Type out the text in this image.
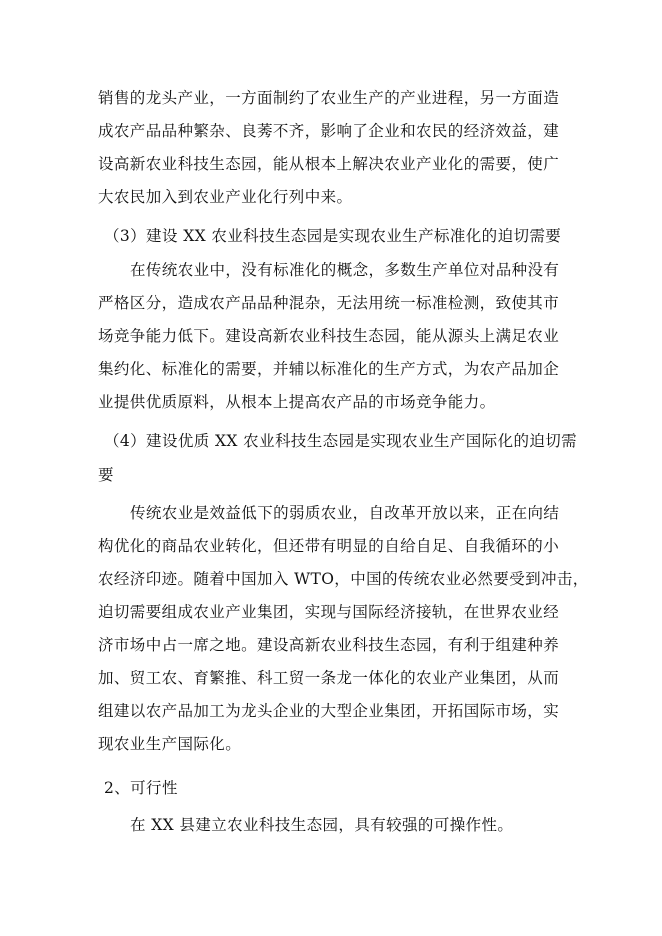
销售的龙头产业，一方面制约了农业生产的产业进程，另一方面造
成农产品品种繁杂、良莠不齐，影响了企业和农民的经济效益，建
设高新农业科技生态园，能从根本上解决农业产业化的需要，使广
大农民加入到农业产业化行列中来。
（3）建设 XX 农业科技生态园是实现农业生产标准化的迫切需要
在传统农业中，没有标准化的概念，多数生产单位对品种没有
严格区分，造成农产品品种混杂，无法用统一标准检测，致使其市
场竞争能力低下。建设高新农业科技生态园，能从源头上满足农业
集约化、标准化的需要，并辅以标准化的生产方式，为农产品加企
业提供优质原料，从根本上提高农产品的市场竞争能力。
（4）建设优质 XX 农业科技生态园是实现农业生产国际化的迫切需
要
传统农业是效益低下的弱质农业，自改革开放以来，正在向结
构优化的商品农业转化，但还带有明显的自给自足、自我循环的小
农经济印迹。随着中国加入 WTO，中国的传统农业必然要受到冲击，
迫切需要组成农业产业集团，实现与国际经济接轨，在世界农业经
济市场中占一席之地。建设高新农业科技生态园，有利于组建种养
加、贸工农、育繁推、科工贸一条龙一体化的农业产业集团，从而
组建以农产品加工为龙头企业的大型企业集团，开拓国际市场，实
现农业生产国际化。
2、可行性
在 XX 县建立农业科技生态园，具有较强的可操作性。
